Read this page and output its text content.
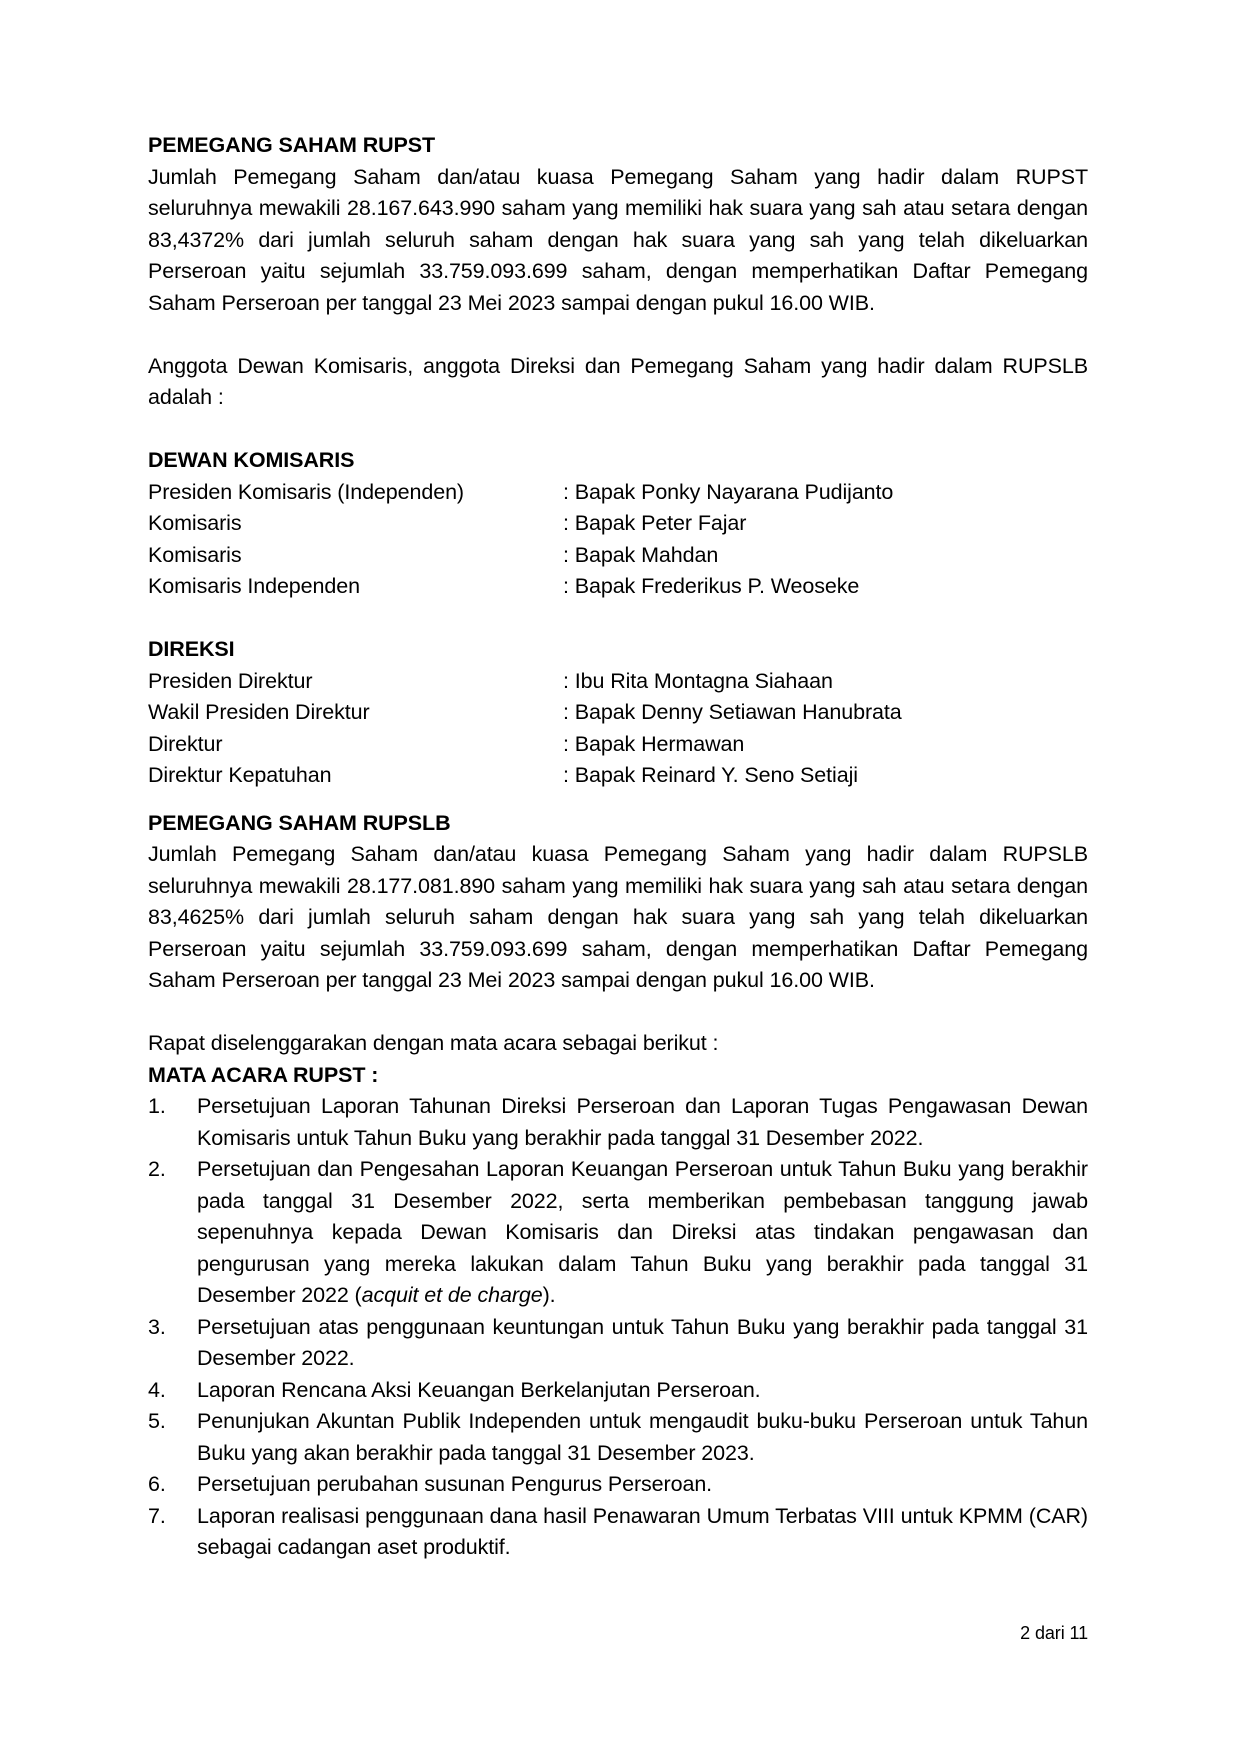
PEMEGANG SAHAM RUPST
Jumlah Pemegang Saham dan/atau kuasa Pemegang Saham yang hadir dalam RUPST seluruhnya mewakili 28.167.643.990 saham yang memiliki hak suara yang sah atau setara dengan 83,4372% dari jumlah seluruh saham dengan hak suara yang sah yang telah dikeluarkan Perseroan yaitu sejumlah 33.759.093.699 saham, dengan memperhatikan Daftar Pemegang Saham Perseroan per tanggal 23 Mei 2023 sampai dengan pukul 16.00 WIB.
Anggota Dewan Komisaris, anggota Direksi dan Pemegang Saham yang hadir dalam RUPSLB adalah :
DEWAN KOMISARIS
Presiden Komisaris (Independen)	: Bapak Ponky Nayarana Pudijanto
Komisaris	: Bapak Peter Fajar
Komisaris	: Bapak Mahdan
Komisaris Independen	: Bapak Frederikus P. Weoseke
DIREKSI
Presiden Direktur	: Ibu Rita Montagna Siahaan
Wakil Presiden Direktur	: Bapak Denny Setiawan Hanubrata
Direktur	: Bapak Hermawan
Direktur Kepatuhan	: Bapak Reinard Y. Seno Setiaji
PEMEGANG SAHAM RUPSLB
Jumlah Pemegang Saham dan/atau kuasa Pemegang Saham yang hadir dalam RUPSLB seluruhnya mewakili 28.177.081.890 saham yang memiliki hak suara yang sah atau setara dengan 83,4625% dari jumlah seluruh saham dengan hak suara yang sah yang telah dikeluarkan Perseroan yaitu sejumlah 33.759.093.699 saham, dengan memperhatikan Daftar Pemegang Saham Perseroan per tanggal 23 Mei 2023 sampai dengan pukul 16.00 WIB.
Rapat diselenggarakan dengan mata acara sebagai berikut :
MATA ACARA RUPST :
1.	Persetujuan Laporan Tahunan Direksi Perseroan dan Laporan Tugas Pengawasan Dewan Komisaris untuk Tahun Buku yang berakhir pada tanggal 31 Desember 2022.
2.	Persetujuan dan Pengesahan Laporan Keuangan Perseroan untuk Tahun Buku yang berakhir pada tanggal 31 Desember 2022, serta memberikan pembebasan tanggung jawab sepenuhnya kepada Dewan Komisaris dan Direksi atas tindakan pengawasan dan pengurusan yang mereka lakukan dalam Tahun Buku yang berakhir pada tanggal 31 Desember 2022 (acquit et de charge).
3.	Persetujuan atas penggunaan keuntungan untuk Tahun Buku yang berakhir pada tanggal 31 Desember 2022.
4.	Laporan Rencana Aksi Keuangan Berkelanjutan Perseroan.
5.	Penunjukan Akuntan Publik Independen untuk mengaudit buku-buku Perseroan untuk Tahun Buku yang akan berakhir pada tanggal 31 Desember 2023.
6.	Persetujuan perubahan susunan Pengurus Perseroan.
7.	Laporan realisasi penggunaan dana hasil Penawaran Umum Terbatas VIII untuk KPMM (CAR) sebagai cadangan aset produktif.
2 dari 11
